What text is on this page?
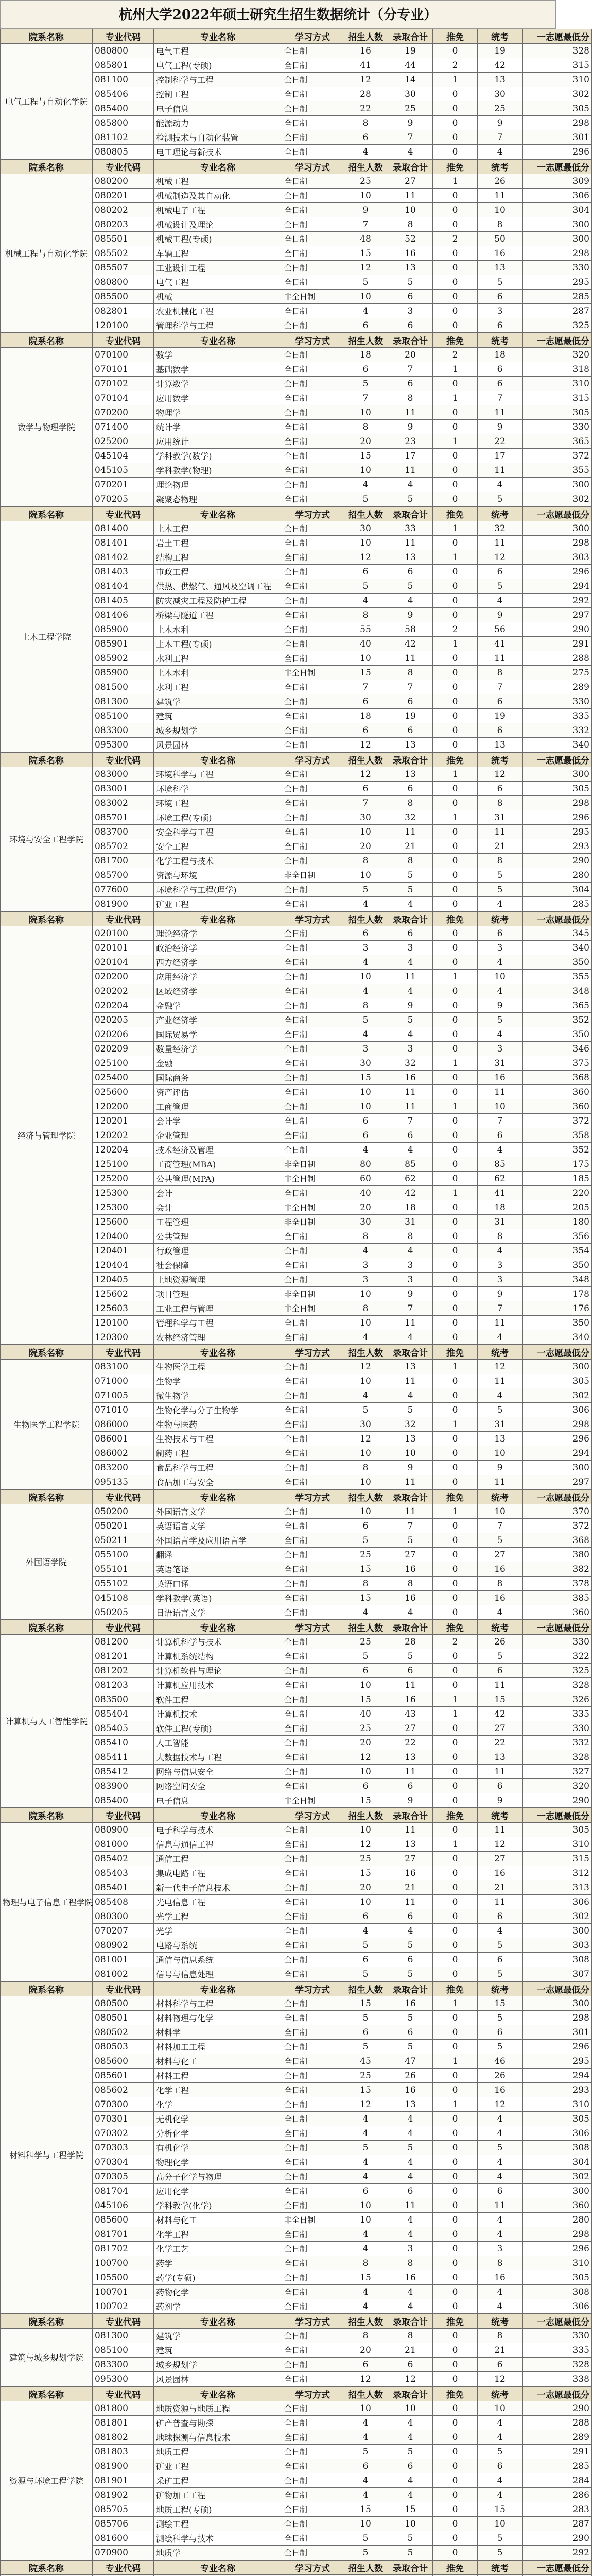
杭州大学2022年硕士研究生招生数据统计（分专业）
院系名称	专业代码	专业名称	学习方式	招生人数	录取合计	推免	统考	一志愿最低分
电气工程与自动化学院	080800	电气工程	全日制	16	19	0	19	328
	085801	电气工程(专硕)	全日制	41	44	2	42	315
	081100	控制科学与工程	全日制	12	14	1	13	310
	085406	控制工程	全日制	28	30	0	30	302
	085400	电子信息	全日制	22	25	0	25	305
	085800	能源动力	全日制	8	9	0	9	298
	081102	检测技术与自动化装置	全日制	6	7	0	7	301
	080805	电工理论与新技术	全日制	4	4	0	4	296
院系名称	专业代码	专业名称	学习方式	招生人数	录取合计	推免	统考	一志愿最低分
机械工程与自动化学院	080200	机械工程	全日制	25	27	1	26	309
	080201	机械制造及其自动化	全日制	10	11	0	11	306
	080202	机械电子工程	全日制	9	10	0	10	304
	080203	机械设计及理论	全日制	7	8	0	8	300
	085501	机械工程(专硕)	全日制	48	52	2	50	300
	085502	车辆工程	全日制	15	16	0	16	298
	085507	工业设计工程	全日制	12	13	0	13	330
	080800	电气工程	全日制	5	5	0	5	295
	085500	机械	非全日制	10	6	0	6	285
	082801	农业机械化工程	全日制	4	3	0	3	287
	120100	管理科学与工程	全日制	6	6	0	6	325
院系名称	专业代码	专业名称	学习方式	招生人数	录取合计	推免	统考	一志愿最低分
数学与物理学院	070100	数学	全日制	18	20	2	18	320
	070101	基础数学	全日制	6	7	1	6	318
	070102	计算数学	全日制	5	6	0	6	310
	070104	应用数学	全日制	7	8	1	7	315
	070200	物理学	全日制	10	11	0	11	305
	071400	统计学	全日制	8	9	0	9	330
	025200	应用统计	全日制	20	23	1	22	365
	045104	学科教学(数学)	全日制	15	17	0	17	372
	045105	学科教学(物理)	全日制	10	11	0	11	355
	070201	理论物理	全日制	4	4	0	4	300
	070205	凝聚态物理	全日制	5	5	0	5	302
院系名称	专业代码	专业名称	学习方式	招生人数	录取合计	推免	统考	一志愿最低分
土木工程学院	081400	土木工程	全日制	30	33	1	32	300
	081401	岩土工程	全日制	10	11	0	11	298
	081402	结构工程	全日制	12	13	1	12	303
	081403	市政工程	全日制	6	6	0	6	296
	081404	供热、供燃气、通风及空调工程	全日制	5	5	0	5	294
	081405	防灾减灾工程及防护工程	全日制	4	4	0	4	292
	081406	桥梁与隧道工程	全日制	8	9	0	9	297
	085900	土木水利	全日制	55	58	2	56	290
	085901	土木工程(专硕)	全日制	40	42	1	41	291
	085902	水利工程	全日制	10	11	0	11	288
	085900	土木水利	非全日制	15	8	0	8	275
	081500	水利工程	全日制	7	7	0	7	289
	081300	建筑学	全日制	6	6	0	6	330
	085100	建筑	全日制	18	19	0	19	335
	083300	城乡规划学	全日制	6	6	0	6	332
	095300	风景园林	全日制	12	13	0	13	340
院系名称	专业代码	专业名称	学习方式	招生人数	录取合计	推免	统考	一志愿最低分
环境与安全工程学院	083000	环境科学与工程	全日制	12	13	1	12	300
	083001	环境科学	全日制	6	6	0	6	305
	083002	环境工程	全日制	7	8	0	8	298
	085701	环境工程(专硕)	全日制	30	32	1	31	296
	083700	安全科学与工程	全日制	10	11	0	11	295
	085702	安全工程	全日制	20	21	0	21	293
	081700	化学工程与技术	全日制	8	8	0	8	290
	085700	资源与环境	非全日制	10	5	0	5	280
	077600	环境科学与工程(理学)	全日制	5	5	0	5	304
	081900	矿业工程	全日制	4	4	0	4	285
院系名称	专业代码	专业名称	学习方式	招生人数	录取合计	推免	统考	一志愿最低分
经济与管理学院	020100	理论经济学	全日制	6	6	0	6	345
	020101	政治经济学	全日制	3	3	0	3	340
	020104	西方经济学	全日制	4	4	0	4	350
	020200	应用经济学	全日制	10	11	1	10	355
	020202	区域经济学	全日制	4	4	0	4	348
	020204	金融学	全日制	8	9	0	9	365
	020205	产业经济学	全日制	5	5	0	5	352
	020206	国际贸易学	全日制	4	4	0	4	350
	020209	数量经济学	全日制	3	3	0	3	346
	025100	金融	全日制	30	32	1	31	375
	025400	国际商务	全日制	15	16	0	16	368
	025600	资产评估	全日制	10	11	0	11	360
	120200	工商管理	全日制	10	11	1	10	360
	120201	会计学	全日制	6	7	0	7	372
	120202	企业管理	全日制	6	6	0	6	358
	120204	技术经济及管理	全日制	4	4	0	4	352
	125100	工商管理(MBA)	非全日制	80	85	0	85	175
	125200	公共管理(MPA)	非全日制	60	62	0	62	185
	125300	会计	全日制	40	42	1	41	220
	125300	会计	非全日制	20	18	0	18	205
	125600	工程管理	非全日制	30	31	0	31	180
	120400	公共管理	全日制	8	8	0	8	356
	120401	行政管理	全日制	4	4	0	4	354
	120404	社会保障	全日制	3	3	0	3	350
	120405	土地资源管理	全日制	3	3	0	3	348
	125602	项目管理	非全日制	10	9	0	9	178
	125603	工业工程与管理	非全日制	8	7	0	7	176
	120100	管理科学与工程	全日制	10	11	0	11	350
	120300	农林经济管理	全日制	4	4	0	4	340
院系名称	专业代码	专业名称	学习方式	招生人数	录取合计	推免	统考	一志愿最低分
生物医学工程学院	083100	生物医学工程	全日制	12	13	1	12	300
	071000	生物学	全日制	10	11	0	11	305
	071005	微生物学	全日制	4	4	0	4	302
	071010	生物化学与分子生物学	全日制	5	5	0	5	306
	086000	生物与医药	全日制	30	32	1	31	298
	086001	生物技术与工程	全日制	12	13	0	13	296
	086002	制药工程	全日制	10	10	0	10	294
	083200	食品科学与工程	全日制	8	9	0	9	300
	095135	食品加工与安全	全日制	10	11	0	11	297
院系名称	专业代码	专业名称	学习方式	招生人数	录取合计	推免	统考	一志愿最低分
外国语学院	050200	外国语言文学	全日制	10	11	1	10	370
	050201	英语语言文学	全日制	6	7	0	7	372
	050211	外国语言学及应用语言学	全日制	5	5	0	5	368
	055100	翻译	全日制	25	27	0	27	380
	055101	英语笔译	全日制	15	16	0	16	382
	055102	英语口译	全日制	8	8	0	8	378
	045108	学科教学(英语)	全日制	15	16	0	16	385
	050205	日语语言文学	全日制	4	4	0	4	360
院系名称	专业代码	专业名称	学习方式	招生人数	录取合计	推免	统考	一志愿最低分
计算机与人工智能学院	081200	计算机科学与技术	全日制	25	28	2	26	330
	081201	计算机系统结构	全日制	5	5	0	5	322
	081202	计算机软件与理论	全日制	6	6	0	6	325
	081203	计算机应用技术	全日制	10	11	0	11	328
	083500	软件工程	全日制	15	16	1	15	326
	085404	计算机技术	全日制	40	43	1	42	335
	085405	软件工程(专硕)	全日制	25	27	0	27	330
	085410	人工智能	全日制	20	22	0	22	332
	085411	大数据技术与工程	全日制	12	13	0	13	328
	085412	网络与信息安全	全日制	10	11	0	11	327
	083900	网络空间安全	全日制	6	6	0	6	320
	085400	电子信息	非全日制	15	9	0	9	290
院系名称	专业代码	专业名称	学习方式	招生人数	录取合计	推免	统考	一志愿最低分
物理与电子信息工程学院	080900	电子科学与技术	全日制	10	11	0	11	305
	081000	信息与通信工程	全日制	12	13	1	12	310
	085402	通信工程	全日制	25	27	0	27	315
	085403	集成电路工程	全日制	15	16	0	16	312
	085401	新一代电子信息技术	全日制	20	21	0	21	313
	085408	光电信息工程	全日制	10	11	0	11	306
	080300	光学工程	全日制	6	6	0	6	302
	070207	光学	全日制	4	4	0	4	300
	080902	电路与系统	全日制	5	5	0	5	303
	081001	通信与信息系统	全日制	6	6	0	6	308
	081002	信号与信息处理	全日制	5	5	0	5	307
院系名称	专业代码	专业名称	学习方式	招生人数	录取合计	推免	统考	一志愿最低分
材料科学与工程学院	080500	材料科学与工程	全日制	15	16	1	15	300
	080501	材料物理与化学	全日制	5	5	0	5	298
	080502	材料学	全日制	6	6	0	6	301
	080503	材料加工工程	全日制	5	5	0	5	296
	085600	材料与化工	全日制	45	47	1	46	295
	085601	材料工程	全日制	25	26	0	26	294
	085602	化学工程	全日制	15	16	0	16	293
	070300	化学	全日制	12	13	1	12	310
	070301	无机化学	全日制	4	4	0	4	305
	070302	分析化学	全日制	4	4	0	4	306
	070303	有机化学	全日制	5	5	0	5	308
	070304	物理化学	全日制	4	4	0	4	304
	070305	高分子化学与物理	全日制	4	4	0	4	302
	081704	应用化学	全日制	6	6	0	6	300
	045106	学科教学(化学)	全日制	10	11	0	11	360
	085600	材料与化工	非全日制	10	4	0	4	280
	081701	化学工程	全日制	4	4	0	4	298
	081702	化学工艺	全日制	4	3	0	3	296
	100700	药学	全日制	8	8	0	8	310
	105500	药学(专硕)	全日制	15	16	0	16	305
	100701	药物化学	全日制	4	4	0	4	308
	100702	药剂学	全日制	4	4	0	4	306
院系名称	专业代码	专业名称	学习方式	招生人数	录取合计	推免	统考	一志愿最低分
建筑与城乡规划学院	081300	建筑学	全日制	8	8	0	8	330
	085100	建筑	全日制	20	21	0	21	335
	083300	城乡规划学	全日制	6	6	0	6	328
	095300	风景园林	全日制	12	12	0	12	338
院系名称	专业代码	专业名称	学习方式	招生人数	录取合计	推免	统考	一志愿最低分
资源与环境工程学院	081800	地质资源与地质工程	全日制	10	10	0	10	290
	081801	矿产普查与勘探	全日制	4	4	0	4	288
	081802	地球探测与信息技术	全日制	4	4	0	4	289
	081803	地质工程	全日制	5	5	0	5	291
	081900	矿业工程	全日制	6	6	0	6	285
	081901	采矿工程	全日制	4	4	0	4	284
	081902	矿物加工工程	全日制	4	4	0	4	286
	085705	地质工程(专硕)	全日制	15	15	0	15	283
	085706	测绘工程	全日制	10	10	0	10	287
	081600	测绘科学与技术	全日制	5	5	0	5	290
	070900	地质学	全日制	5	5	0	5	292
院系名称	专业代码	专业名称	学习方式	招生人数	录取合计	推免	统考	一志愿最低分
